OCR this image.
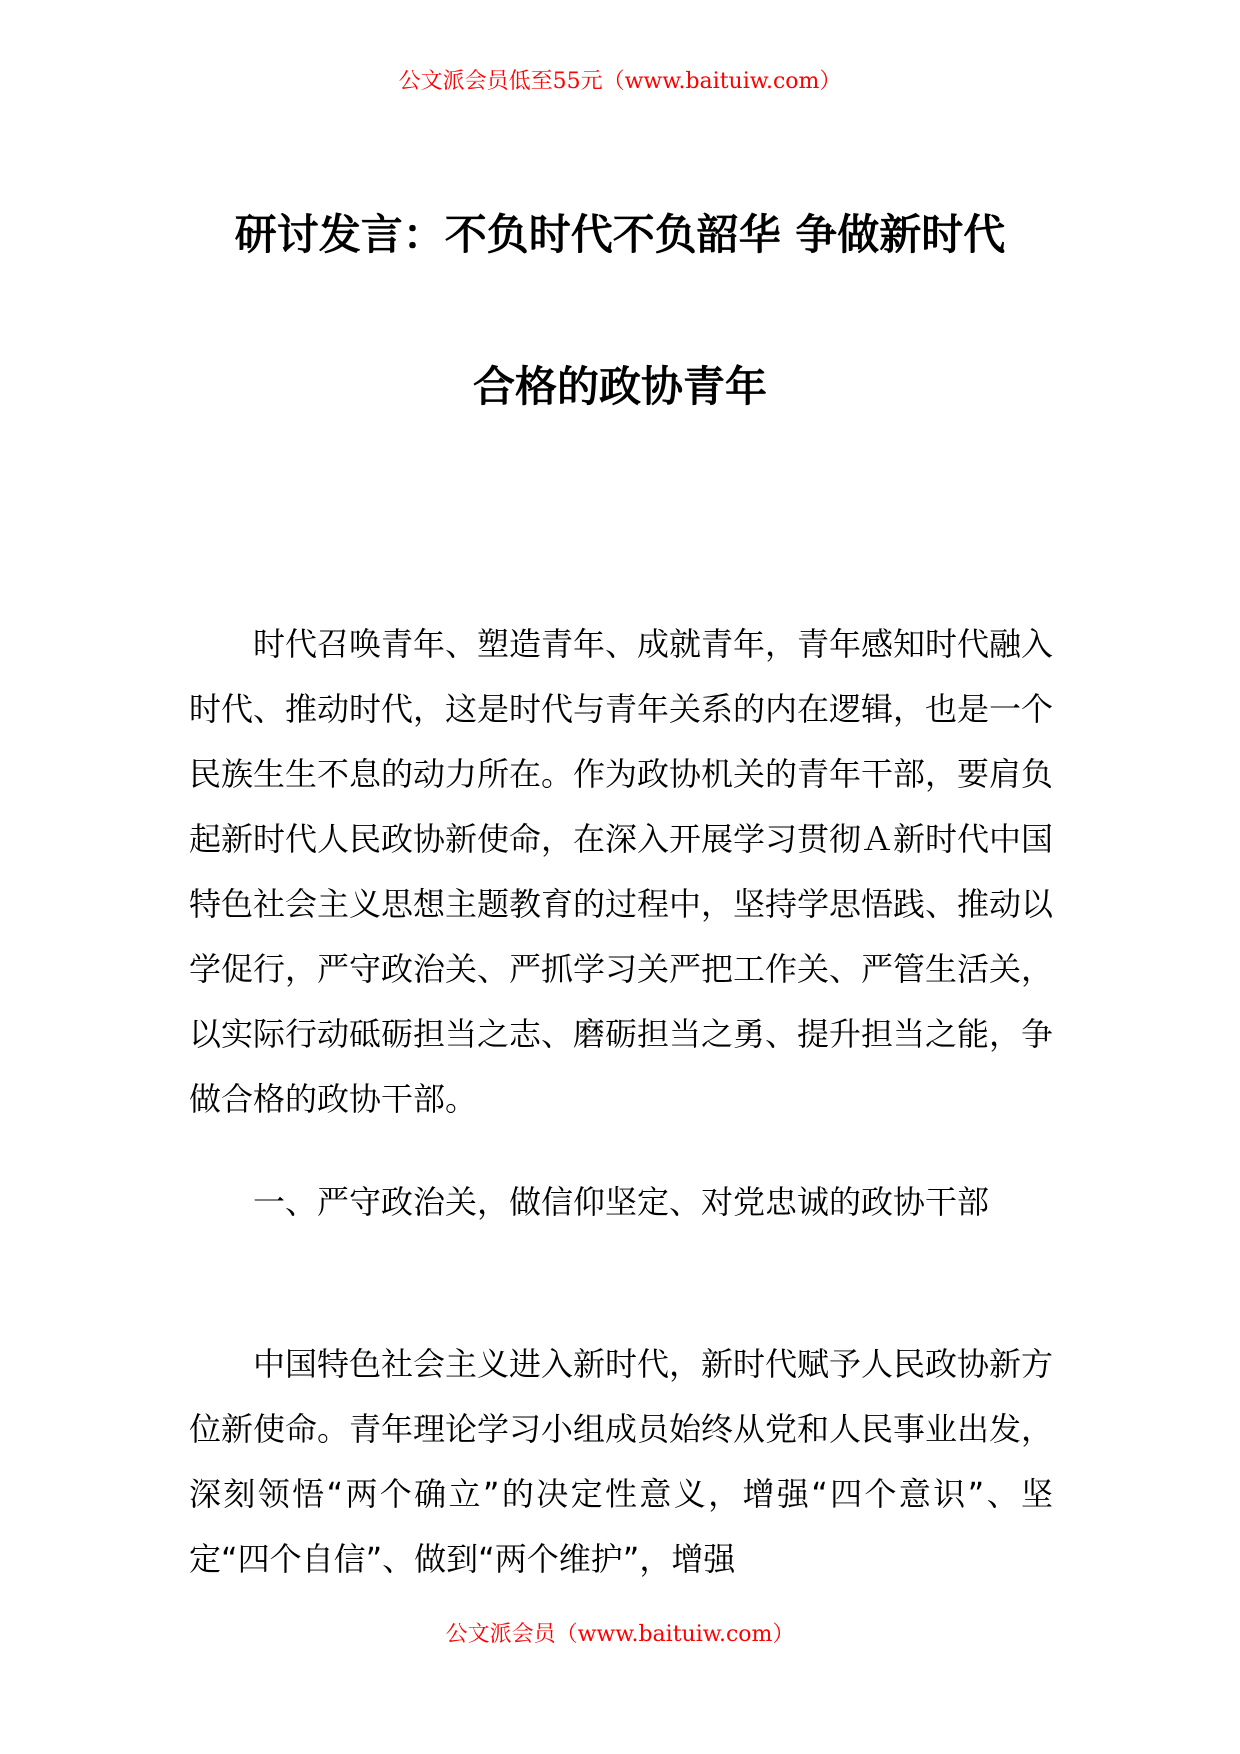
公文派会员低至55元（www.baituiw.com）
研讨发言：不负时代不负韶华 争做新时代
合格的政协青年

时代召唤青年、塑造青年、成就青年，青年感知时代融入时代、推动时代，这是时代与青年关系的内在逻辑，也是一个民族生生不息的动力所在。作为政协机关的青年干部，要肩负起新时代人民政协新使命，在深入开展学习贯彻Ａ新时代中国特色社会主义思想主题教育的过程中，坚持学思悟践、推动以学促行，严守政治关、严抓学习关严把工作关、严管生活关，以实际行动砥砺担当之志、磨砺担当之勇、提升担当之能，争做合格的政协干部。

一、严守政治关，做信仰坚定、对党忠诚的政协干部

中国特色社会主义进入新时代，新时代赋予人民政协新方位新使命。青年理论学习小组成员始终从党和人民事业出发，深刻领悟“两个确立”的决定性意义，增强“四个意识”、坚定“四个自信”、做到“两个维护”，增强

公文派会员（www.baituiw.com）
